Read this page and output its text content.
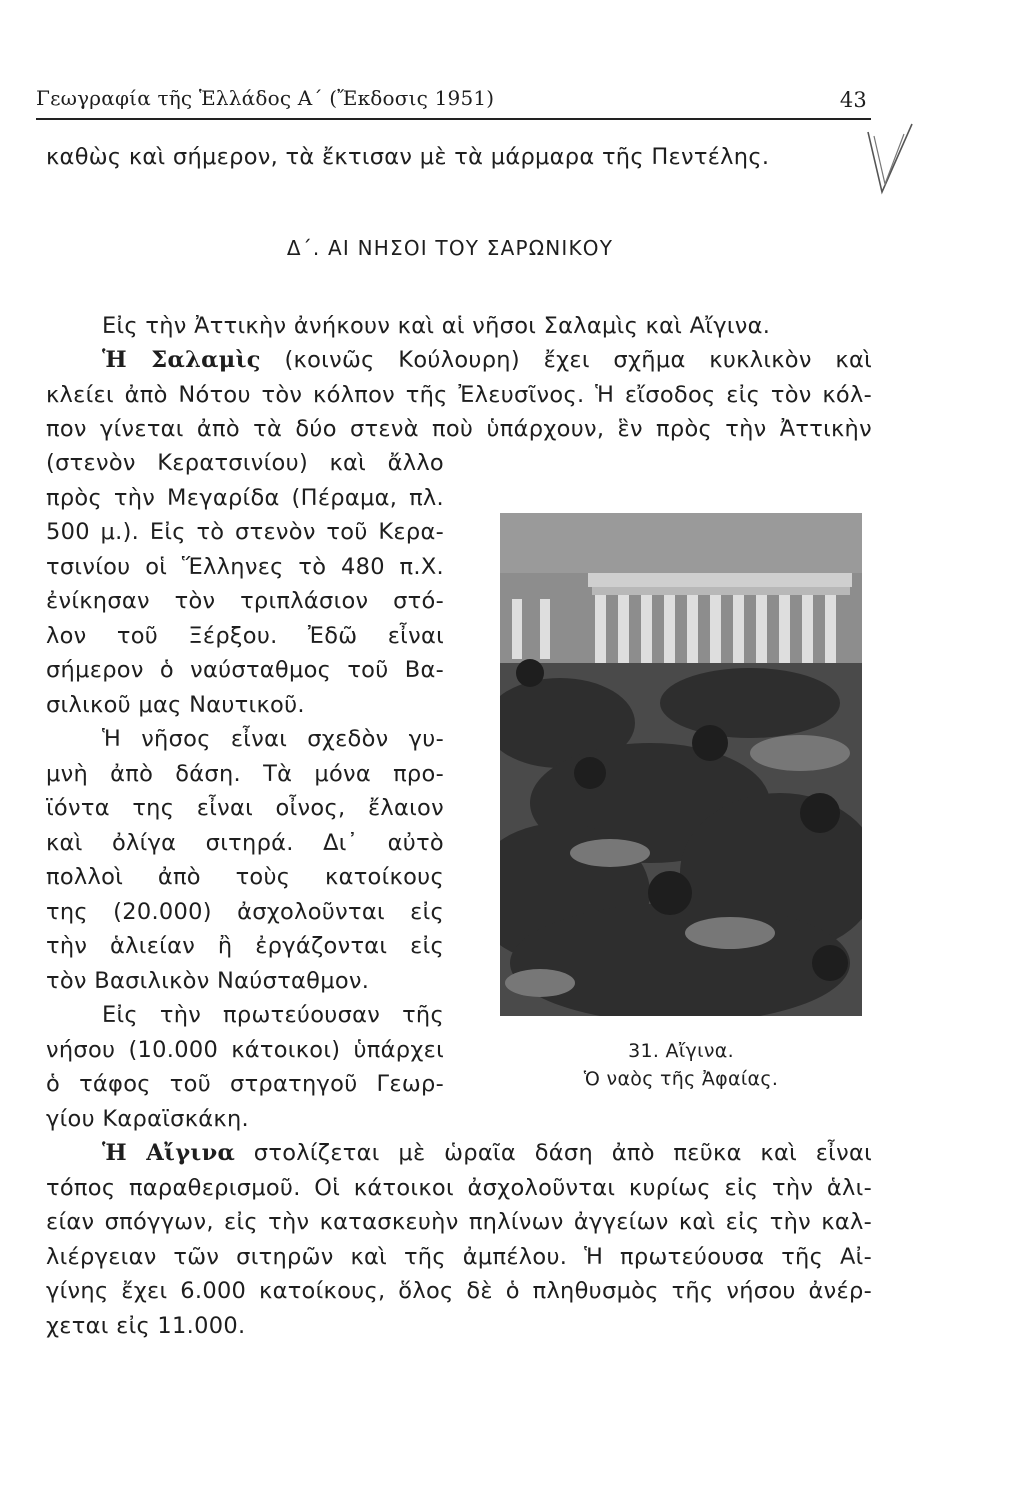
Γεωγραφία τῆς Ἑλλάδος Α΄ (Ἔκδοσις 1951)	43
καθὼς καὶ σήμερον, τὰ ἔκτισαν μὲ τὰ μάρμαρα τῆς Πεντέλης.
Δ΄. ΑΙ ΝΗΣΟΙ ΤΟΥ ΣΑΡΩΝΙΚΟΥ
Εἰς τὴν Ἀττικὴν ἀνήκουν καὶ αἱ νῆσοι Σαλαμὶς καὶ Αἴγινα.
Ἡ Σαλαμὶς (κοινῶς Κούλουρη) ἔχει σχῆμα κυκλικὸν καὶ
κλείει ἀπὸ Νότου τὸν κόλπον τῆς Ἐλευσῖνος. Ἡ εἴσοδος εἰς τὸν κόλ-
πον γίνεται ἀπὸ τὰ δύο στενὰ ποὺ ὑπάρχουν, ἓν πρὸς τὴν Ἀττικὴν
(στενὸν Κερατσινίου) καὶ ἄλλο
πρὸς τὴν Μεγαρίδα (Πέραμα, πλ.
500 μ.). Εἰς τὸ στενὸν τοῦ Κερα-
τσινίου οἱ Ἕλληνες τὸ 480 π.Χ.
ἐνίκησαν τὸν τριπλάσιον στό-
λον τοῦ Ξέρξου. Ἐδῶ εἶναι
σήμερον ὁ ναύσταθμος τοῦ Βα-
σιλικοῦ μας Ναυτικοῦ.
Ἡ νῆσος εἶναι σχεδὸν γυ-
μνὴ ἀπὸ δάση. Τὰ μόνα προ-
ϊόντα της εἶναι οἶνος, ἔλαιον
καὶ ὀλίγα σιτηρά. Δι᾽ αὐτὸ
πολλοὶ ἀπὸ τοὺς κατοίκους
της (20.000) ἀσχολοῦνται εἰς
τὴν ἁλιείαν ἢ ἐργάζονται εἰς
τὸν Βασιλικὸν Ναύσταθμον.
Εἰς τὴν πρωτεύουσαν τῆς
νήσου (10.000 κάτοικοι) ὑπάρχει
ὁ τάφος τοῦ στρατηγοῦ Γεωρ-
γίου Καραϊσκάκη.
31. Αἴγινα.
Ὁ ναὸς τῆς Ἀφαίας.
Ἡ Αἴγινα στολίζεται μὲ ὡραῖα δάση ἀπὸ πεῦκα καὶ εἶναι
τόπος παραθερισμοῦ. Οἱ κάτοικοι ἀσχολοῦνται κυρίως εἰς τὴν ἁλι-
είαν σπόγγων, εἰς τὴν κατασκευὴν πηλίνων ἀγγείων καὶ εἰς τὴν καλ-
λιέργειαν τῶν σιτηρῶν καὶ τῆς ἀμπέλου. Ἡ πρωτεύουσα τῆς Αἰ-
γίνης ἔχει 6.000 κατοίκους, ὅλος δὲ ὁ πληθυσμὸς τῆς νήσου ἀνέρ-
χεται εἰς 11.000.
